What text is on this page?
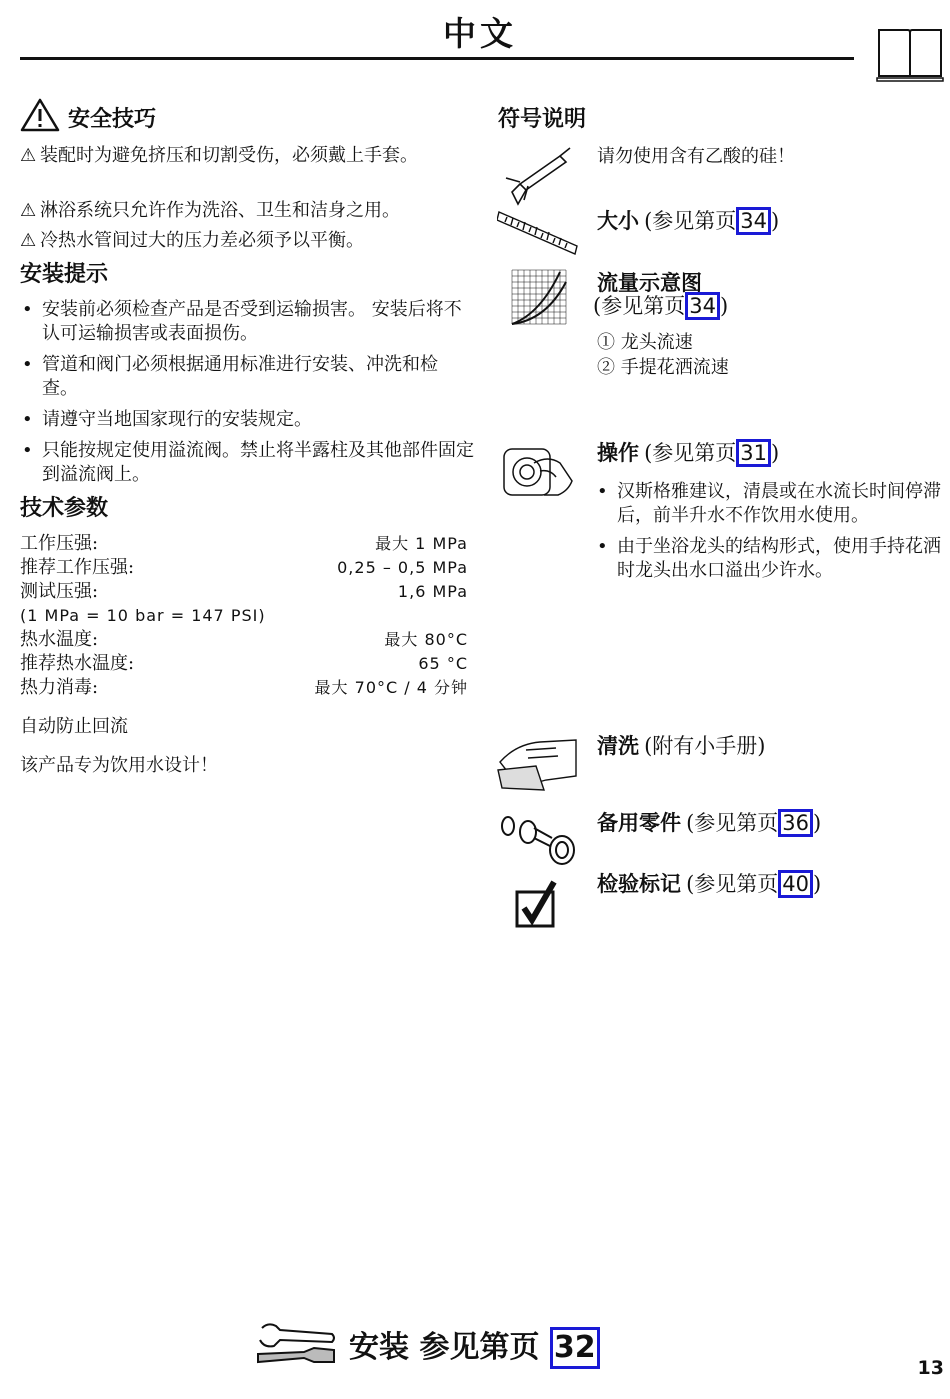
中文
安全技巧
⚠ 装配时为避免挤压和切割受伤，必须戴上手套。
⚠ 淋浴系统只允许作为洗浴、卫生和洁身之用。
⚠ 冷热水管间过大的压力差必须予以平衡。
安装提示

• 安装前必须检查产品是否受到运输损害。 安装后将不认可运输损害或表面损伤。

• 管道和阀门必须根据通用标准进行安装、冲洗和检查。

• 请遵守当地国家现行的安装规定。

• 只能按规定使用溢流阀。禁止将半露柱及其他部件固定到溢流阀上。

技术参数
工作压强:	最大 1 MPa
推荐工作压强:	0,25 – 0,5 MPa
测试压强:	1,6 MPa
(1 MPa = 10 bar = 147 PSI)
热水温度:	最大 80°C
推荐热水温度:	65 °C
热力消毒:	最大 70°C / 4 分钟
自动防止回流
该产品专为饮用水设计！
符号说明
请勿使用含有乙酸的硅！
大小 (参见第页 34 )
流量示意图
(参见第页 34 )
① 龙头流速
② 手提花洒流速
操作 (参见第页 31 )

• 汉斯格雅建议，清晨或在水流长时间停滞后，前半升水不作饮用水使用。

• 由于坐浴龙头的结构形式，使用手持花洒时龙头出水口溢出少许水。

清洗 (附有小手册)
备用零件 (参见第页 36 )
检验标记 (参见第页 40 )
安装 参见第页 32
13
